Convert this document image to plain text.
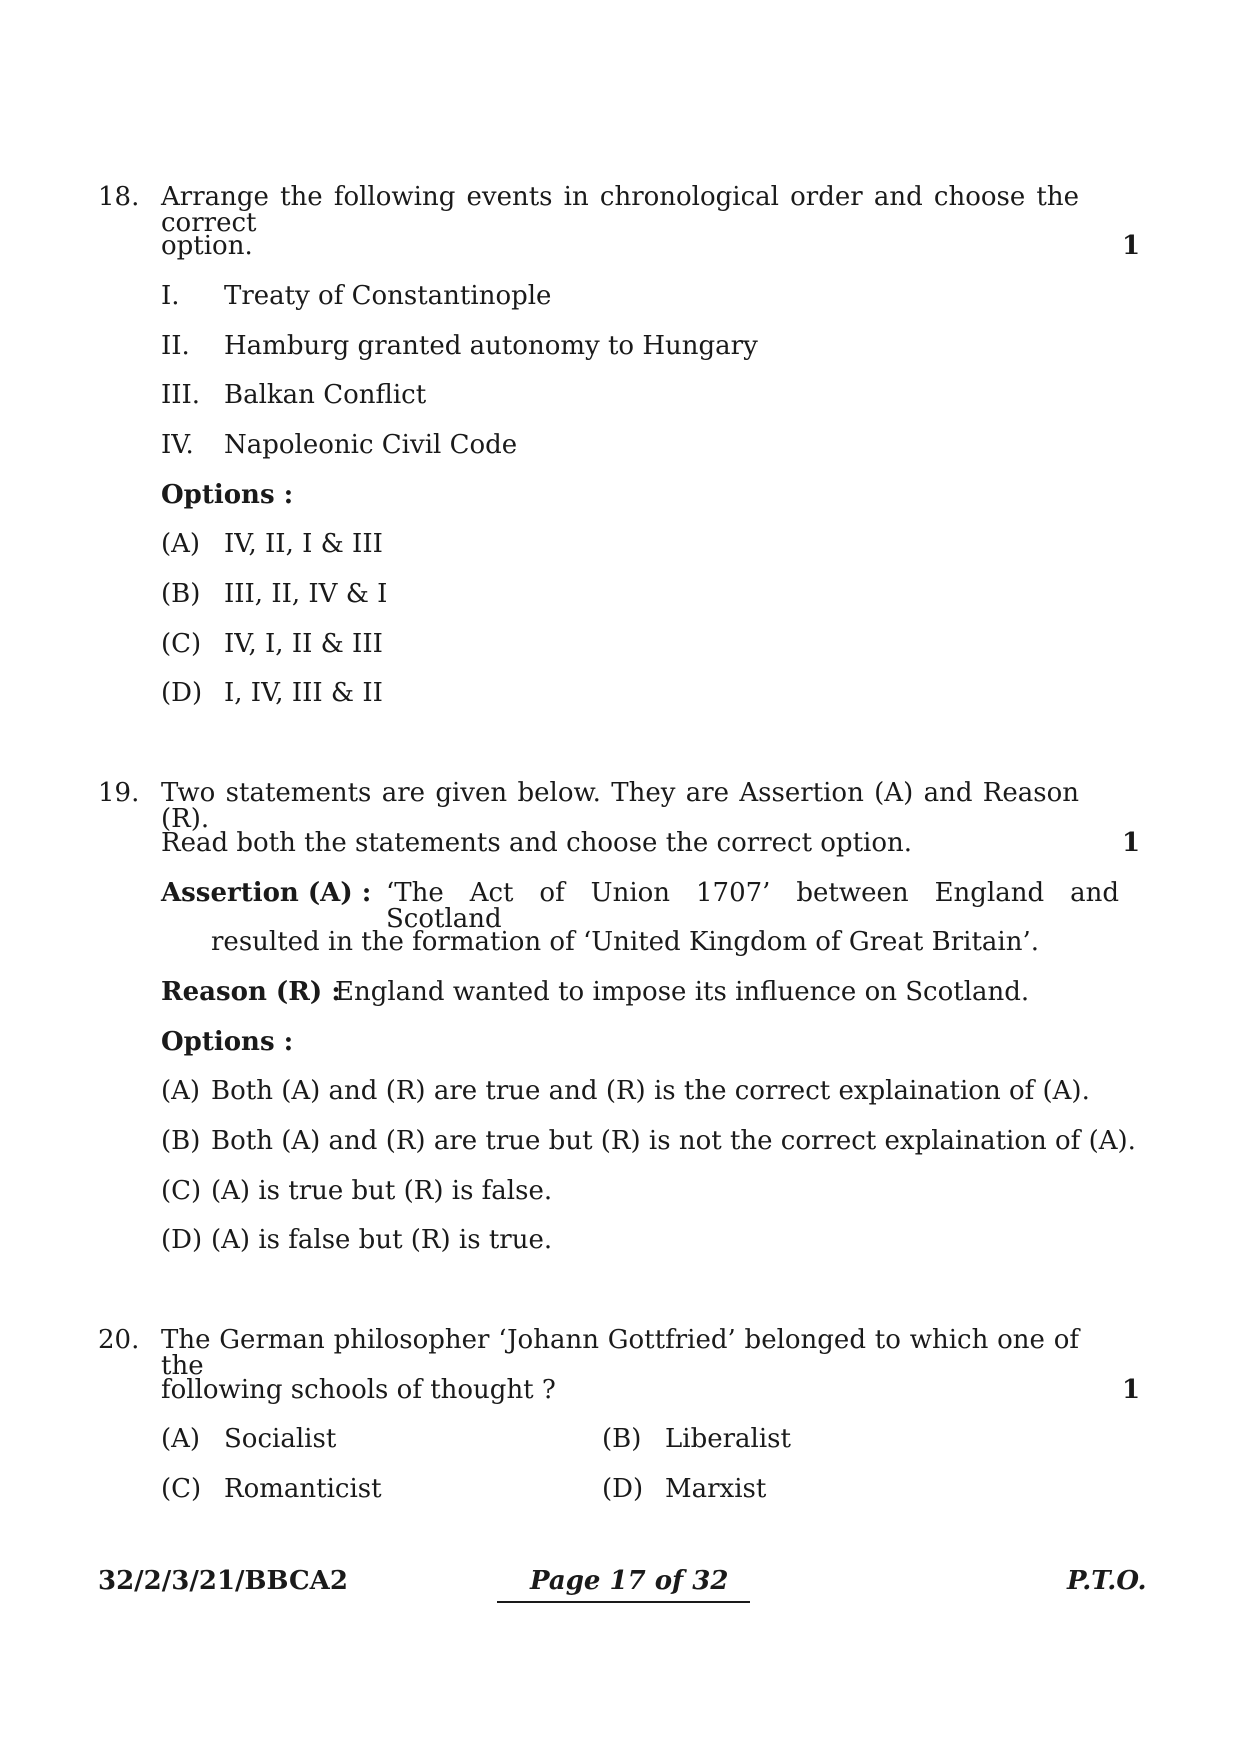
18. Arrange the following events in chronological order and choose the correct
option.	1
I. Treaty of Constantinople
II. Hamburg granted autonomy to Hungary
III. Balkan Conflict
IV. Napoleonic Civil Code
Options :
(A) IV, II, I & III
(B) III, II, IV & I
(C) IV, I, II & III
(D) I, IV, III & II
19. Two statements are given below. They are Assertion (A) and Reason (R).
Read both the statements and choose the correct option.	1
Assertion (A) : ‘The Act of Union 1707’ between England and Scotland
resulted in the formation of ‘United Kingdom of Great Britain’.
Reason (R) :
England wanted to impose its influence on Scotland.
Options :
(A) Both (A) and (R) are true and (R) is the correct explaination of (A).
(B) Both (A) and (R) are true but (R) is not the correct explaination of (A).
(C) (A) is true but (R) is false.
(D) (A) is false but (R) is true.
20. The German philosopher ‘Johann Gottfried’ belonged to which one of the
following schools of thought ?	1
(A) Socialist	(B) Liberalist
(C) Romanticist	(D) Marxist
32/2/3/21/BBCA2	Page 17 of 32	P.T.O.
